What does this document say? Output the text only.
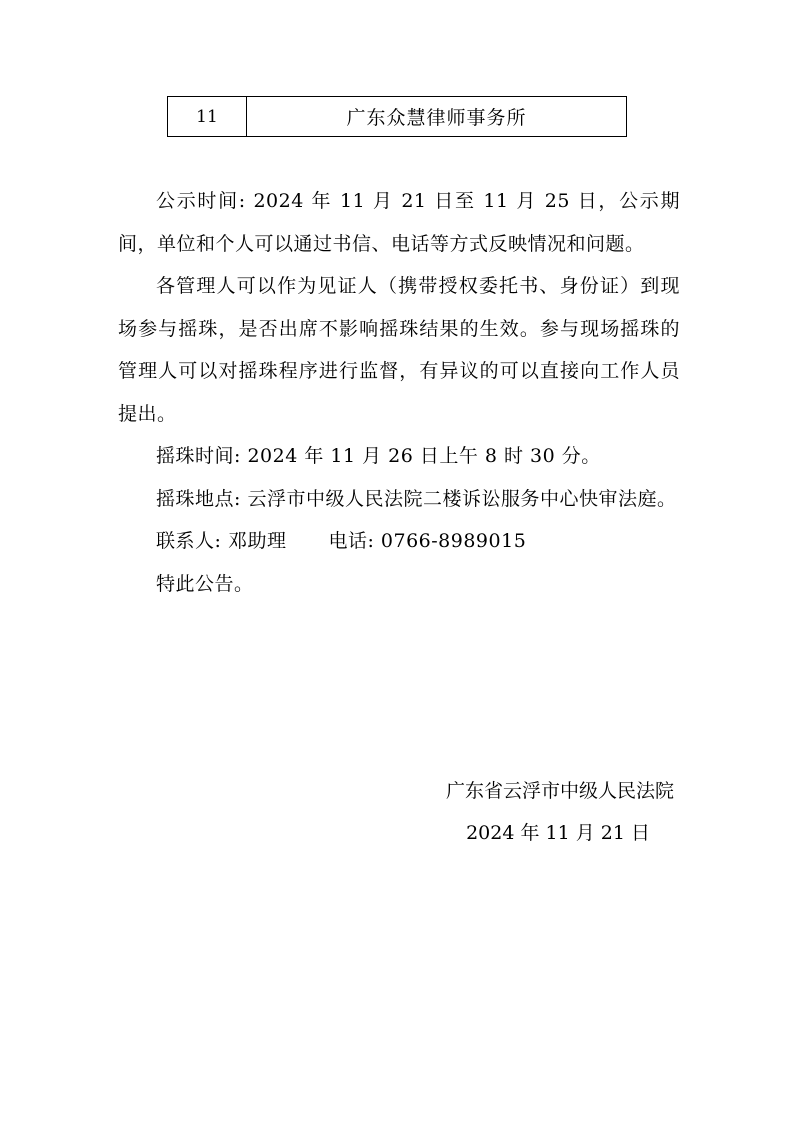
11	广东众慧律师事务所

公示时间: 2024 年 11 月 21 日至 11 月 25 日，公示期间，单位和个人可以通过书信、电话等方式反映情况和问题。

各管理人可以作为见证人（携带授权委托书、身份证）到现场参与摇珠，是否出席不影响摇珠结果的生效。参与现场摇珠的管理人可以对摇珠程序进行监督，有异议的可以直接向工作人员提出。

摇珠时间: 2024 年 11 月 26 日上午 8 时 30 分。

摇珠地点: 云浮市中级人民法院二楼诉讼服务中心快审法庭。

联系人: 邓助理 电话: 0766-8989015

特此公告。

广东省云浮市中级人民法院
2024 年 11 月 21 日
